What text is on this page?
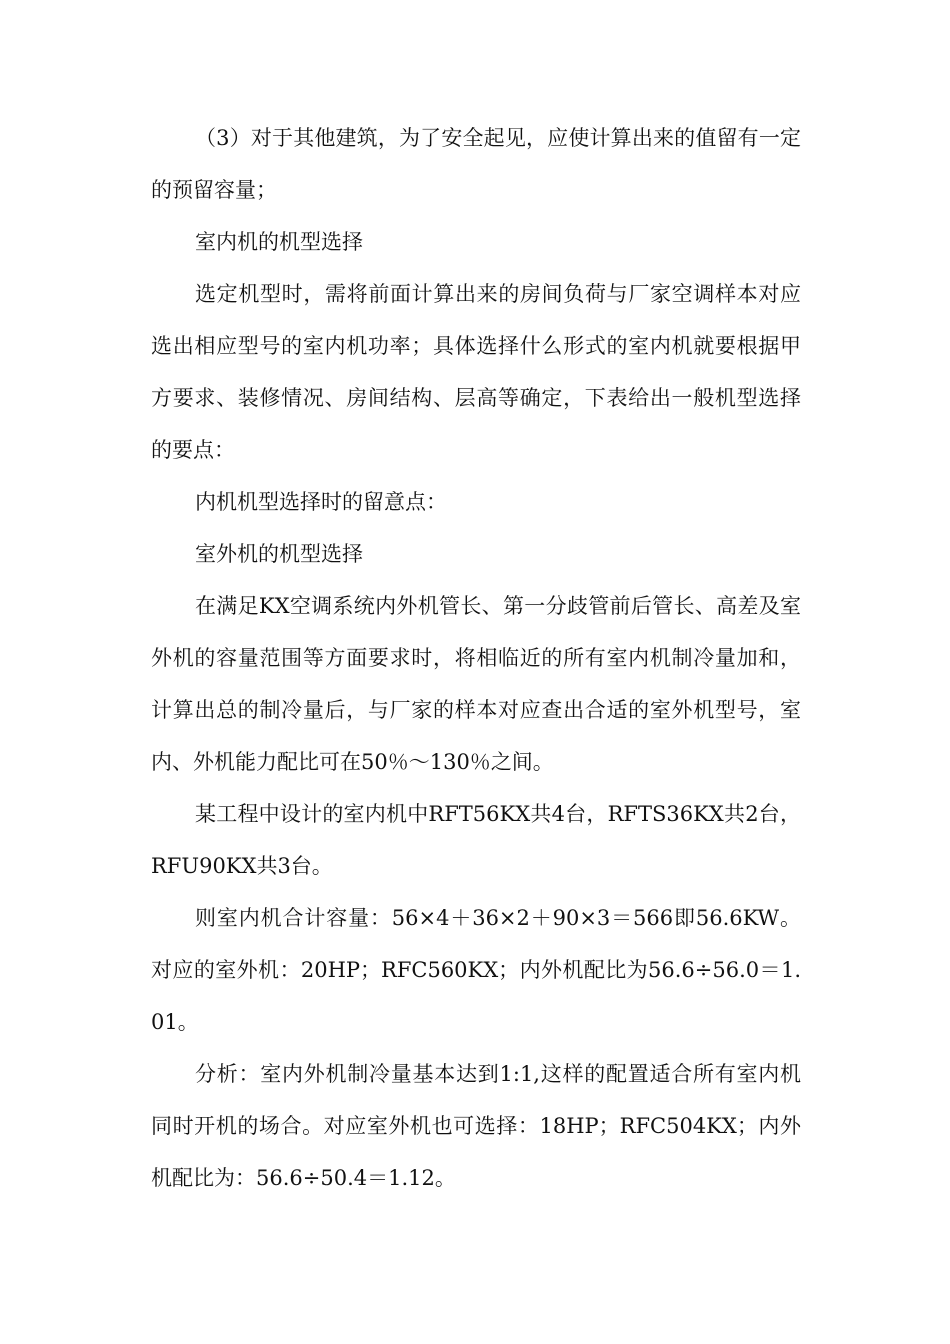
（3）对于其他建筑，为了安全起见，应使计算出来的值留有一定的预留容量；

室内机的机型选择

选定机型时，需将前面计算出来的房间负荷与厂家空调样本对应选出相应型号的室内机功率；具体选择什么形式的室内机就要根据甲方要求、装修情况、房间结构、层高等确定，下表给出一般机型选择的要点：

内机机型选择时的留意点：

室外机的机型选择

在满足KX空调系统内外机管长、第一分歧管前后管长、高差及室外机的容量范围等方面要求时，将相临近的所有室内机制冷量加和，计算出总的制冷量后，与厂家的样本对应查出合适的室外机型号，室内、外机能力配比可在50％～130％之间。

某工程中设计的室内机中RFT56KX共4台，RFTS36KX共2台，RFU90KX共3台。

则室内机合计容量：56×4＋36×2＋90×3＝566即56.6KW。对应的室外机：20HP；RFC560KX；内外机配比为56.6÷56.0＝1.01。

分析：室内外机制冷量基本达到1:1,这样的配置适合所有室内机同时开机的场合。对应室外机也可选择：18HP；RFC504KX；内外机配比为：56.6÷50.4＝1.12。
